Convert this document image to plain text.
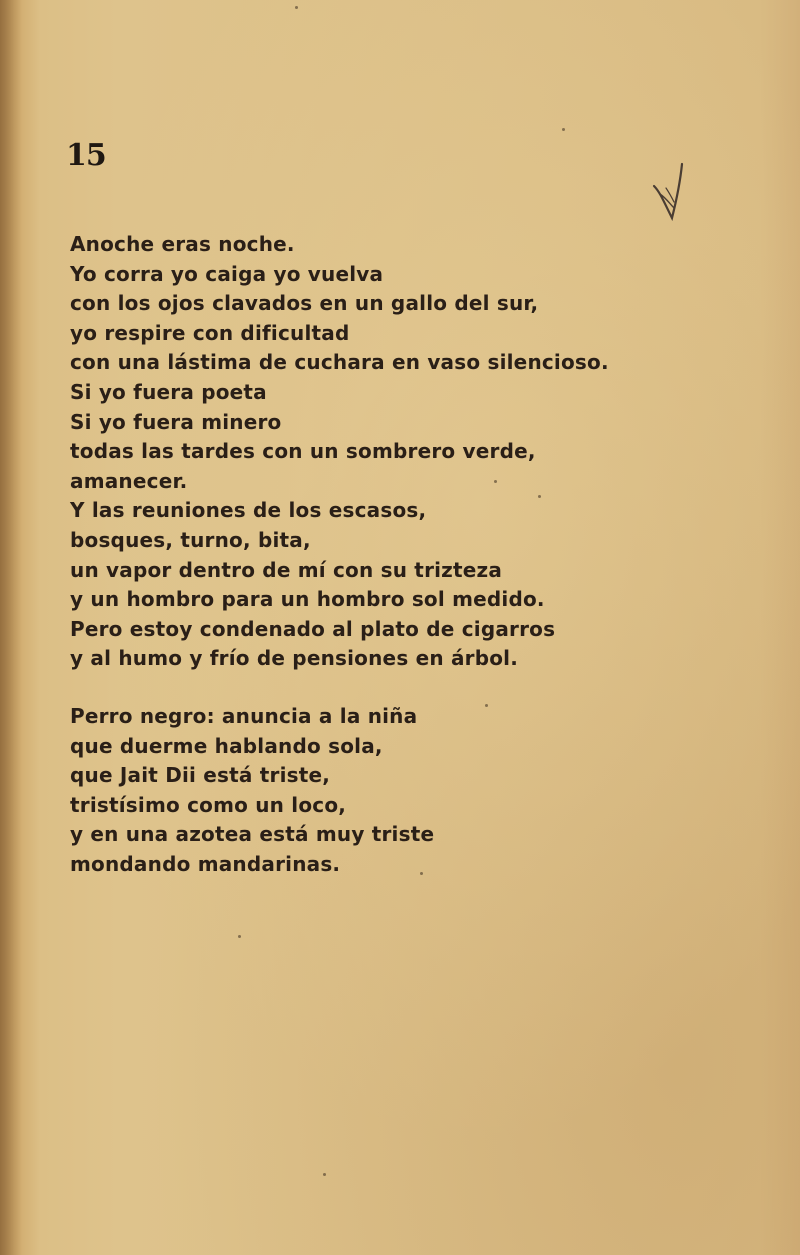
15
Anoche eras noche.
Yo corra yo caiga yo vuelva
con los ojos clavados en un gallo del sur,
yo respire con dificultad
con una lástima de cuchara en vaso silencioso.
Si yo fuera poeta
Si yo fuera minero
todas las tardes con un sombrero verde,
amanecer.
Y las reuniones de los escasos,
bosques, turno, bita,
un vapor dentro de mí con su trizteza
y un hombro para un hombro sol medido.
Pero estoy condenado al plato de cigarros
y al humo y frío de pensiones en árbol.
Perro negro: anuncia a la niña
que duerme hablando sola,
que Jait Dii está triste,
tristísimo como un loco,
y en una azotea está muy triste
mondando mandarinas.
